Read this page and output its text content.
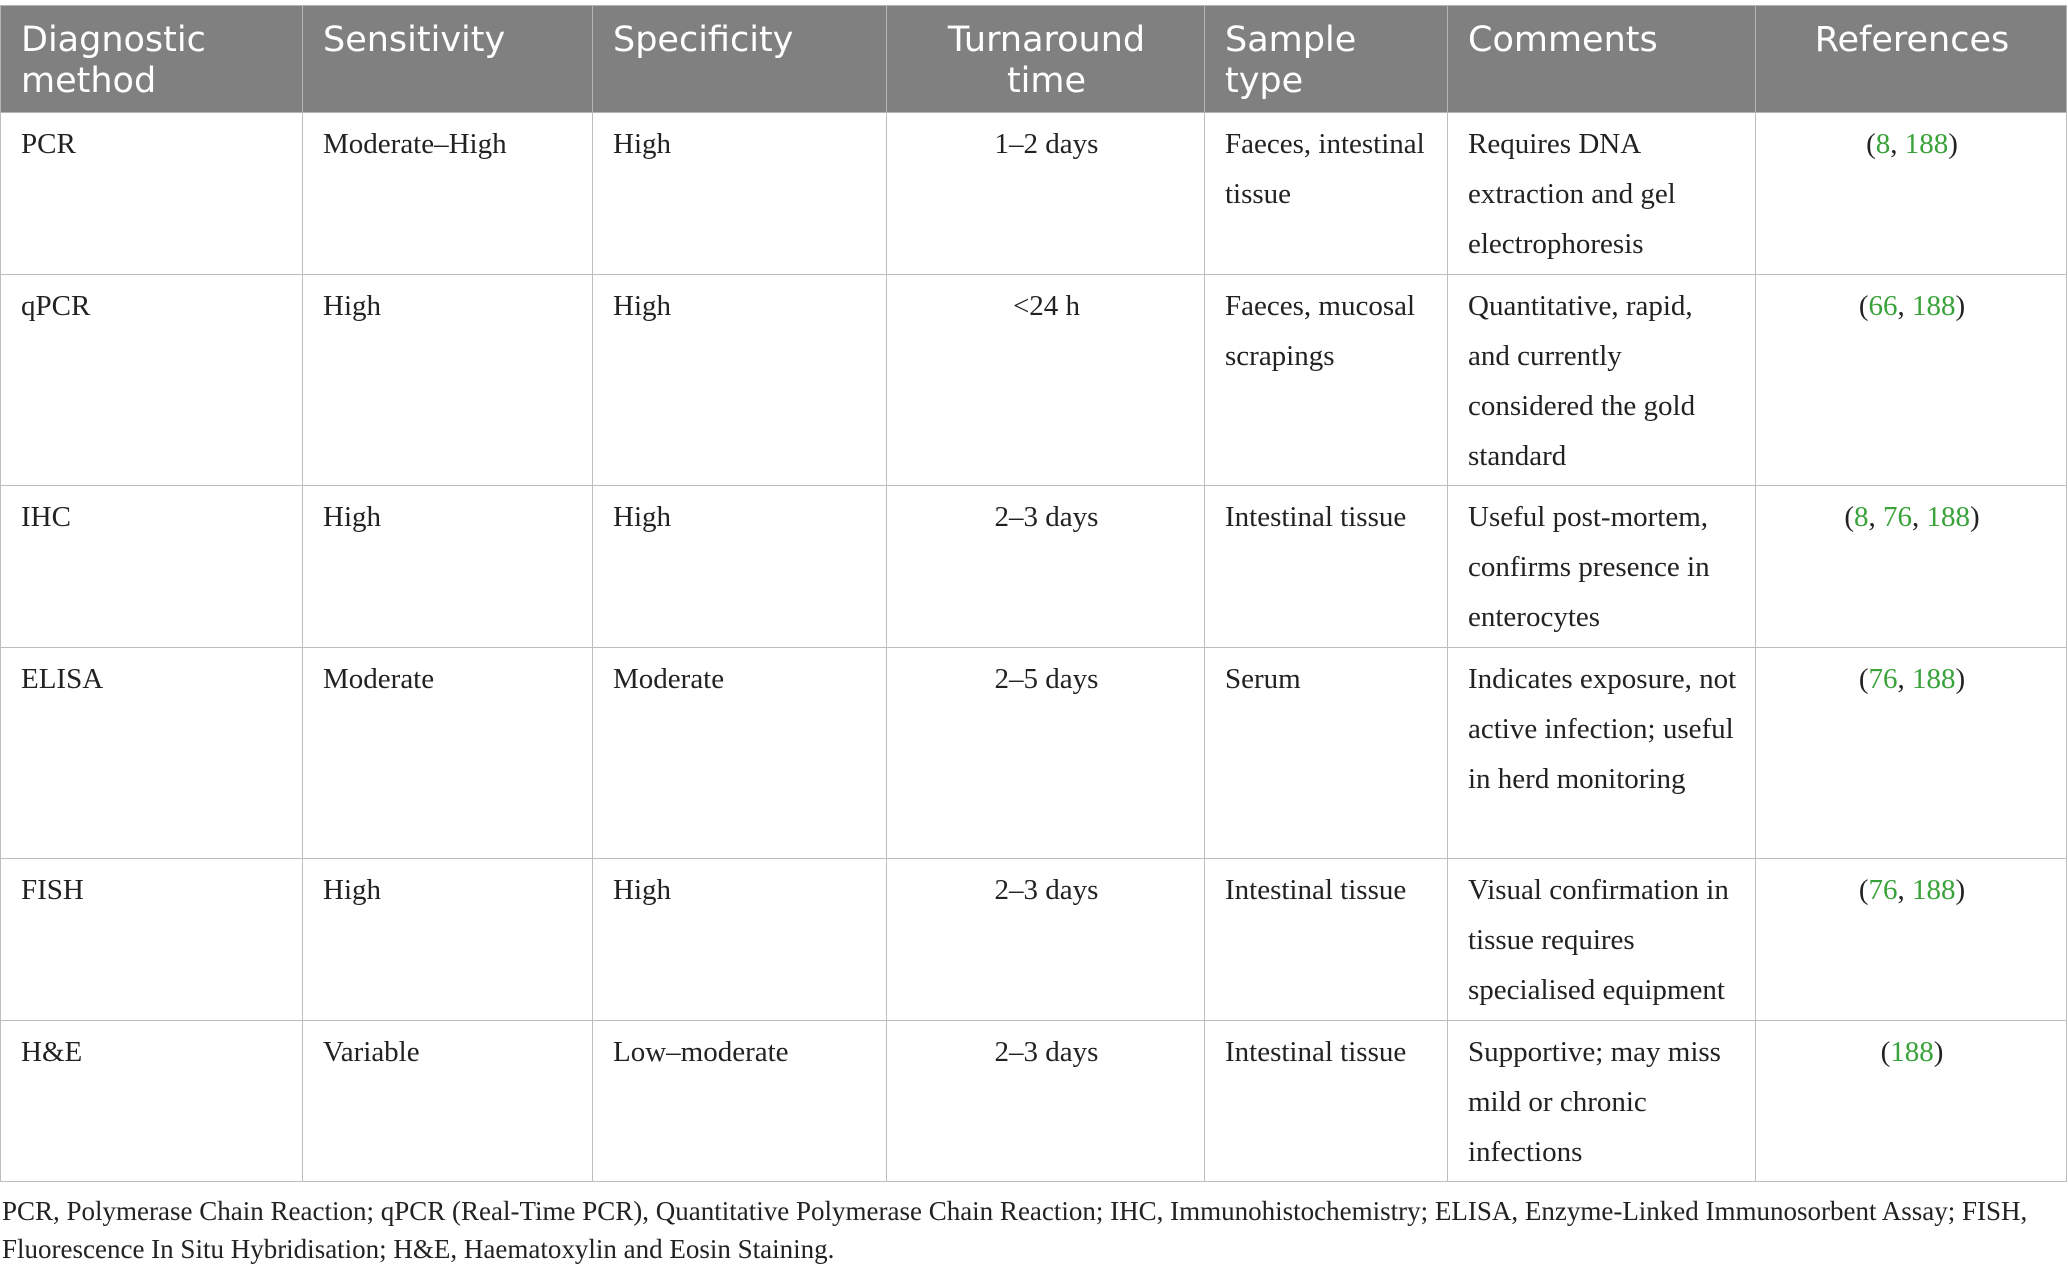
Diagnostic method	Sensitivity	Specificity	Turnaround time	Sample type	Comments	References
PCR	Moderate–High	High	1–2 days	Faeces, intestinal tissue	Requires DNA extraction and gel electrophoresis	(8, 188)
qPCR	High	High	<24 h	Faeces, mucosal scrapings	Quantitative, rapid, and currently considered the gold standard	(66, 188)
IHC	High	High	2–3 days	Intestinal tissue	Useful post-mortem, confirms presence in enterocytes	(8, 76, 188)
ELISA	Moderate	Moderate	2–5 days	Serum	Indicates exposure, not active infection; useful in herd monitoring	(76, 188)
FISH	High	High	2–3 days	Intestinal tissue	Visual confirmation in tissue requires specialised equipment	(76, 188)
H&E	Variable	Low–moderate	2–3 days	Intestinal tissue	Supportive; may miss mild or chronic infections	(188)
PCR, Polymerase Chain Reaction; qPCR (Real-Time PCR), Quantitative Polymerase Chain Reaction; IHC, Immunohistochemistry; ELISA, Enzyme-Linked Immunosorbent Assay; FISH, Fluorescence In Situ Hybridisation; H&E, Haematoxylin and Eosin Staining.
